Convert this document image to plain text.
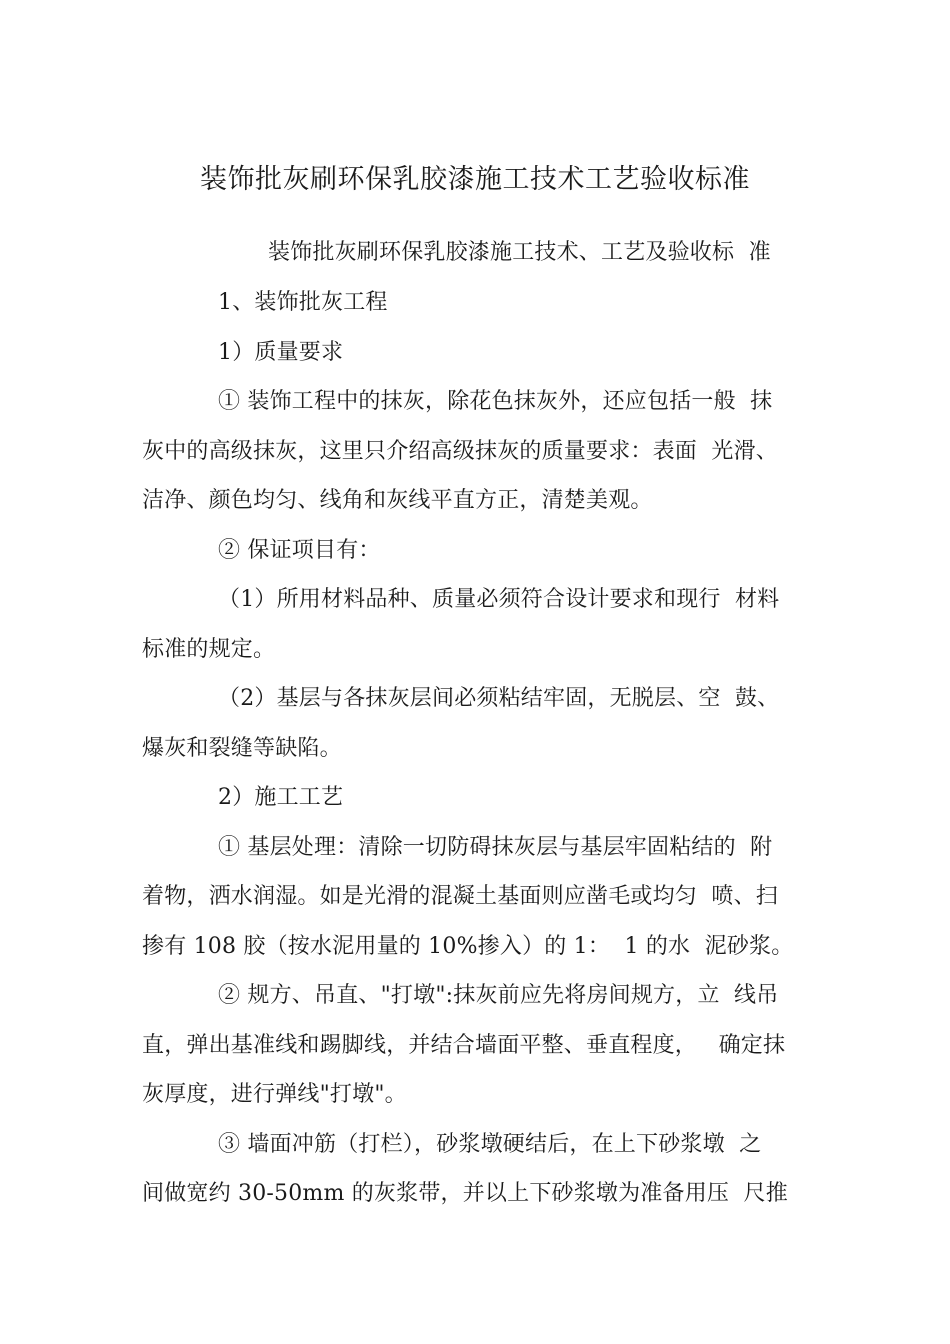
装饰批灰刷环保乳胶漆施工技术工艺验收标准
装饰批灰刷环保乳胶漆施工技术、工艺及验收标  准
1、装饰批灰工程
1）质量要求
① 装饰工程中的抹灰，除花色抹灰外，还应包括一般  抹
灰中的高级抹灰，这里只介绍高级抹灰的质量要求：表面  光滑、
洁净、颜色均匀、线角和灰线平直方正，清楚美观。
② 保证项目有：
（1）所用材料品种、质量必须符合设计要求和现行  材料
标准的规定。
（2）基层与各抹灰层间必须粘结牢固，无脱层、空  鼓、
爆灰和裂缝等缺陷。
2）施工工艺
① 基层处理：清除一切防碍抹灰层与基层牢固粘结的  附
着物，洒水润湿。如是光滑的混凝土基面则应凿毛或均匀  喷、扫
掺有 108 胶（按水泥用量的 10%掺入）的 1：  1 的水  泥砂浆。
② 规方、吊直、"打墩":抹灰前应先将房间规方，立  线吊
直，弹出基准线和踢脚线，并结合墙面平整、垂直程度，   确定抹
灰厚度，进行弹线"打墩"。
③ 墙面冲筋（打栏），砂浆墩硬结后，在上下砂浆墩  之
间做宽约 30-50mm 的灰浆带，并以上下砂浆墩为准备用压  尺推
